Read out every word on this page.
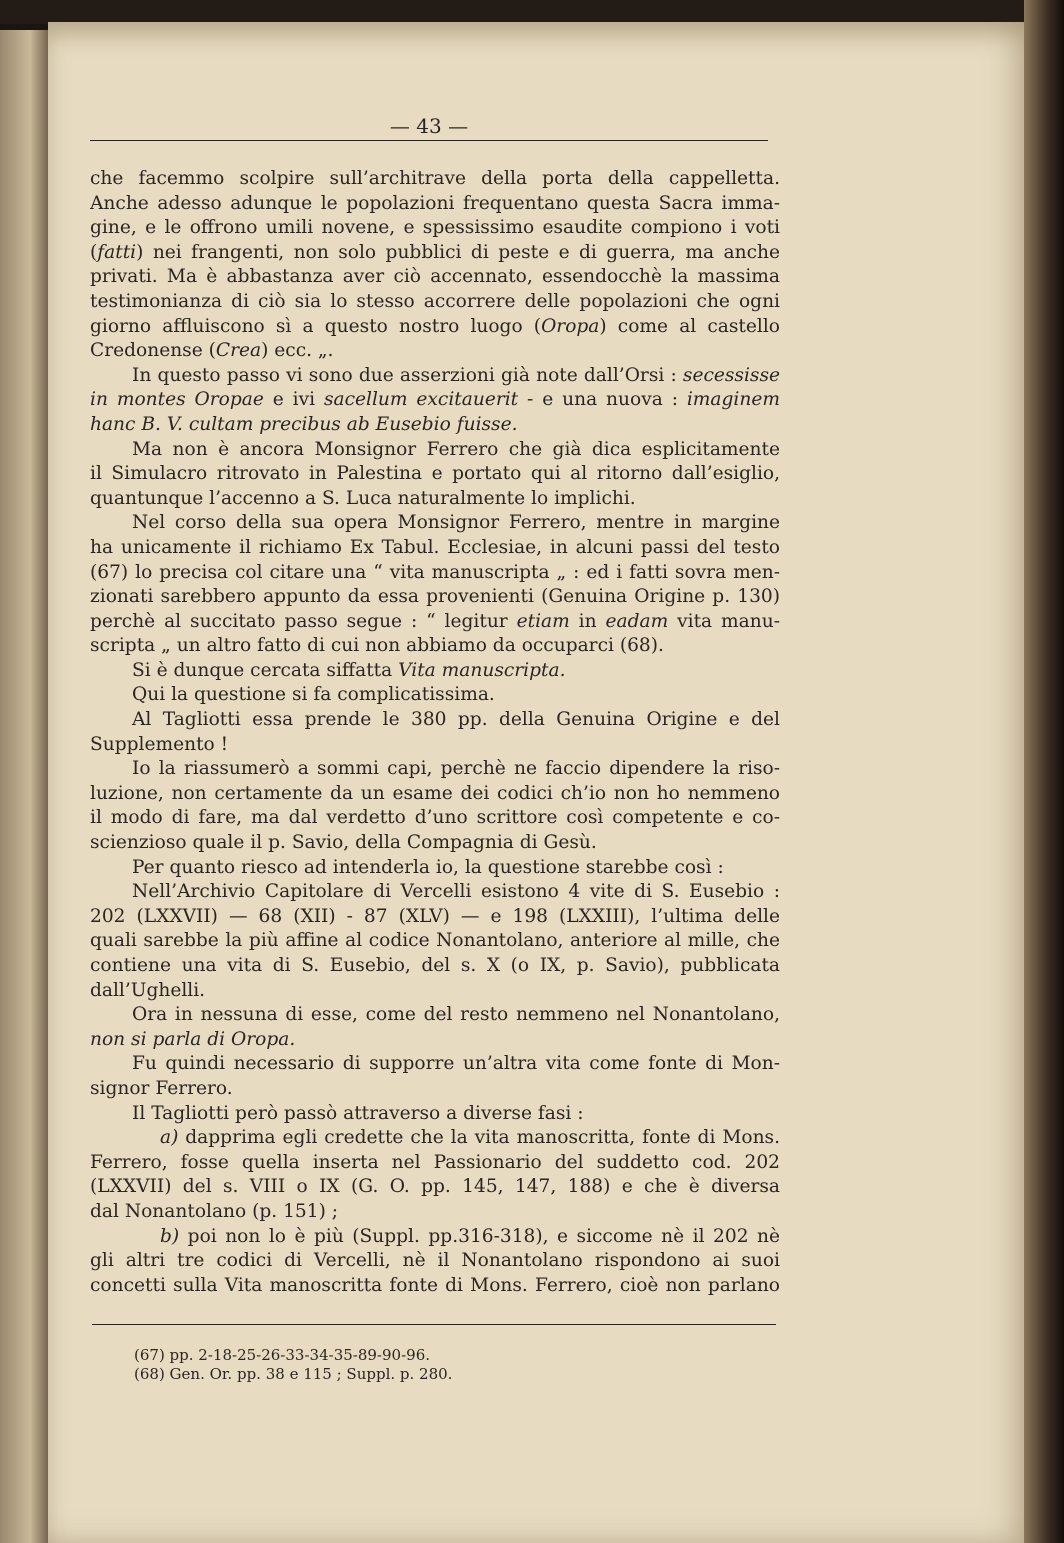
— 43 —
che facemmo scolpire sull’architrave della porta della cappelletta.
Anche adesso adunque le popolazioni frequentano questa Sacra imma-
gine, e le offrono umili novene, e spessissimo esaudite compiono i voti
(fatti) nei frangenti, non solo pubblici di peste e di guerra, ma anche
privati. Ma è abbastanza aver ciò accennato, essendocchè la massima
testimonianza di ciò sia lo stesso accorrere delle popolazioni che ogni
giorno affluiscono sì a questo nostro luogo (Oropa) come al castello
Credonense (Crea) ecc. „.
In questo passo vi sono due asserzioni già note dall’Orsi : secessisse
in montes Oropae e ivi sacellum excitauerit - e una nuova : imaginem
hanc B. V. cultam precibus ab Eusebio fuisse.
Ma non è ancora Monsignor Ferrero che già dica esplicitamente
il Simulacro ritrovato in Palestina e portato qui al ritorno dall’esiglio,
quantunque l’accenno a S. Luca naturalmente lo implichi.
Nel corso della sua opera Monsignor Ferrero, mentre in margine
ha unicamente il richiamo Ex Tabul. Ecclesiae, in alcuni passi del testo
(67) lo precisa col citare una “ vita manuscripta „ : ed i fatti sovra men-
zionati sarebbero appunto da essa provenienti (Genuina Origine p. 130)
perchè al succitato passo segue : “ legitur etiam in eadam vita manu-
scripta „ un altro fatto di cui non abbiamo da occuparci (68).
Si è dunque cercata siffatta Vita manuscripta.
Qui la questione si fa complicatissima.
Al Tagliotti essa prende le 380 pp. della Genuina Origine e del
Supplemento !
Io la riassumerò a sommi capi, perchè ne faccio dipendere la riso-
luzione, non certamente da un esame dei codici ch’io non ho nemmeno
il modo di fare, ma dal verdetto d’uno scrittore così competente e co-
scienzioso quale il p. Savio, della Compagnia di Gesù.
Per quanto riesco ad intenderla io, la questione starebbe così :
Nell’Archivio Capitolare di Vercelli esistono 4 vite di S. Eusebio :
202 (LXXVII) — 68 (XII) - 87 (XLV) — e 198 (LXXIII), l’ultima delle
quali sarebbe la più affine al codice Nonantolano, anteriore al mille, che
contiene una vita di S. Eusebio, del s. X (o IX, p. Savio), pubblicata
dall’Ughelli.
Ora in nessuna di esse, come del resto nemmeno nel Nonantolano,
non si parla di Oropa.
Fu quindi necessario di supporre un’altra vita come fonte di Mon-
signor Ferrero.
Il Tagliotti però passò attraverso a diverse fasi :
a) dapprima egli credette che la vita manoscritta, fonte di Mons.
Ferrero, fosse quella inserta nel Passionario del suddetto cod. 202
(LXXVII) del s. VIII o IX (G. O. pp. 145, 147, 188) e che è diversa
dal Nonantolano (p. 151) ;
b) poi non lo è più (Suppl. pp.316-318), e siccome nè il 202 nè
gli altri tre codici di Vercelli, nè il Nonantolano rispondono ai suoi
concetti sulla Vita manoscritta fonte di Mons. Ferrero, cioè non parlano
(67) pp. 2-18-25-26-33-34-35-89-90-96.
(68) Gen. Or. pp. 38 e 115 ; Suppl. p. 280.
